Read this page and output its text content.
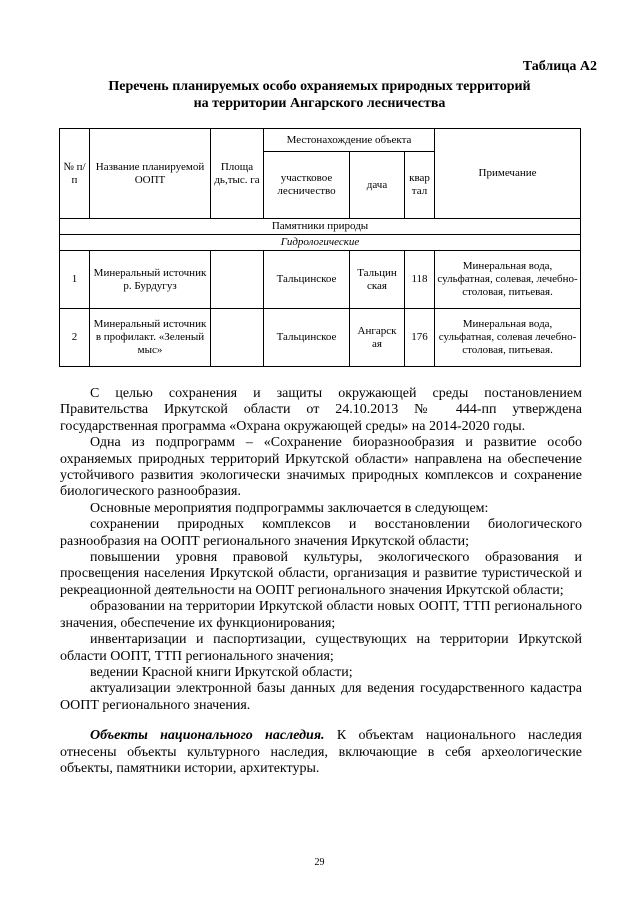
Таблица А2
Перечень планируемых особо охраняемых природных территорий
на территории Ангарского лесничества
№ п/п	Название планируемой ООПТ	Площа дь,тыс. га	Местонахождение объекта			Примечание
			участковое лесничество	дача	квар тал	
Памятники природы						
Гидрологические						
1	Минеральный источник р. Бурдугуз		Тальцинское	Тальцин ская	118	Минеральная вода, сульфатная, солевая, лечебно-столовая, питьевая.
2	Минеральный источник в профилакт. «Зеленый мыс»		Тальцинское	Ангарск ая	176	Минеральная вода, сульфатная, солевая лечебно-столовая, питьевая.

С целью сохранения и защиты окружающей среды постановлением Правительства Иркутской области от 24.10.2013 № 444-пп утверждена государственная программа «Охрана окружающей среды» на 2014-2020 годы.

Одна из подпрограмм – «Сохранение биоразнообразия и развитие особо охраняемых природных территорий Иркутской области» направлена на обеспечение устойчивого развития экологически значимых природных комплексов и сохранение биологического разнообразия.

Основные мероприятия подпрограммы заключается в следующем:

сохранении природных комплексов и восстановлении биологического разнообразия на ООПТ регионального значения Иркутской области;

повышении уровня правовой культуры, экологического образования и просвещения населения Иркутской области, организация и развитие туристической и рекреационной деятельности на ООПТ регионального значения Иркутской области;

образовании на территории Иркутской области новых ООПТ, ТТП регионального значения, обеспечение их функционирования;

инвентаризации и паспортизации, существующих на территории Иркутской области ООПТ, ТТП регионального значения;

ведении Красной книги Иркутской области;

актуализации электронной базы данных для ведения государственного кадастра ООПТ регионального значения.

Объекты национального наследия. К объектам национального наследия отнесены объекты культурного наследия, включающие в себя археологические объекты, памятники истории, архитектуры.

29
